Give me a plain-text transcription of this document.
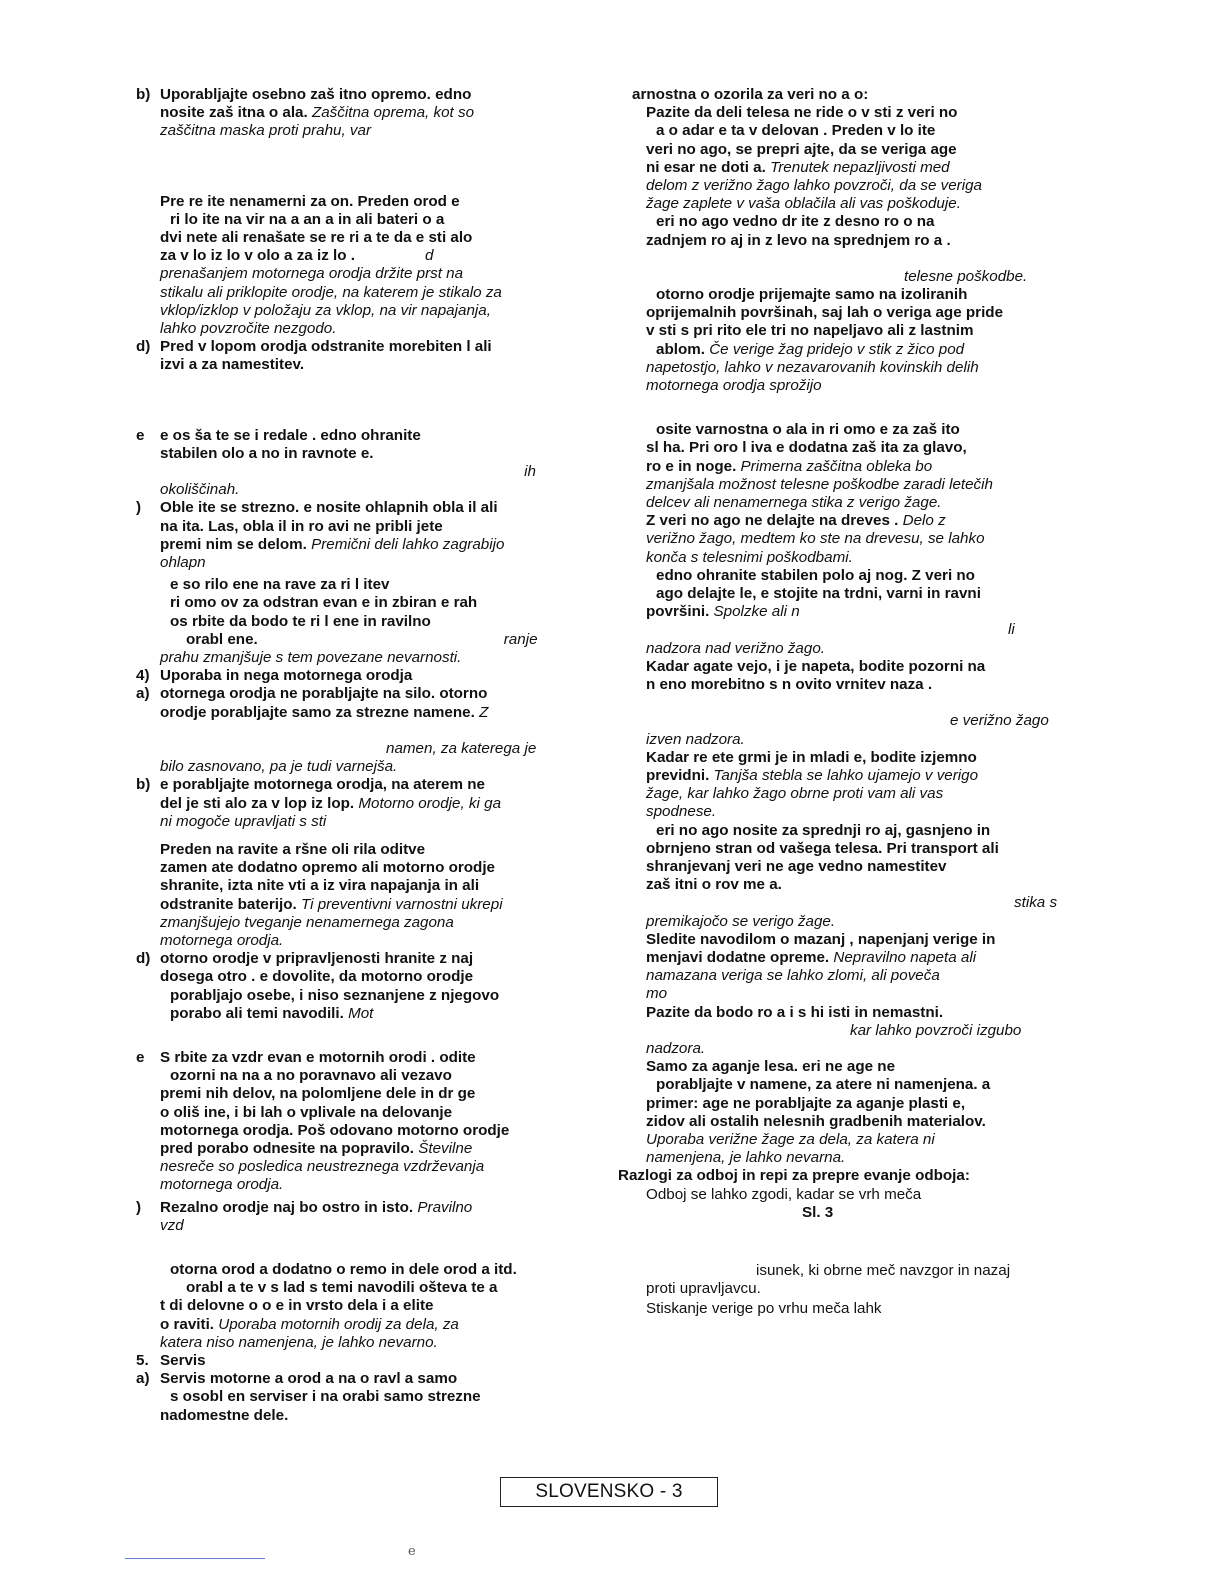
b) Uporabljajte osebno zaš itno opremo. edno
nosite zaš itna o ala. Zaščitna oprema, kot so
zaščitna maska proti prahu, var
Pre re ite nenamerni za on. Preden orod e
ri lo ite na vir na a an a in ali bateri o a
dvi nete ali renašate se re ri a te da e sti alo
za v lo iz lo v olo a za iz lo .	d
prenašanjem motornega orodja držite prst na
stikalu ali priklopite orodje, na katerem je stikalo za
vklop/izklop v položaju za vklop, na vir napajanja,
lahko povzročite nezgodo.
d) Pred v lopom orodja odstranite morebiten l ali
izvi a za namestitev.
e	e os ša te se i redale . edno ohranite
stabilen olo a no in ravnote e.
ih
okoliščinah.
)	Oble ite se strezno. e nosite ohlapnih obla il ali
na ita. Las, obla il in ro avi ne pribli jete
premi nim se delom. Premični deli lahko zagrabijo
ohlapn
e so rilo ene na rave za ri l itev
ri omo ov za odstran evan e in zbiran e rah
os rbite da bodo te ri l ene in ravilno
orabl ene.	ranje
prahu zmanjšuje s tem povezane nevarnosti.
4) Uporaba in nega motornega orodja
a) otornega orodja ne porabljajte na silo. otorno
orodje porabljajte samo za strezne namene. Z
namen, za katerega je
bilo zasnovano, pa je tudi varnejša.
b) e porabljajte motornega orodja, na aterem ne
del je sti alo za v lop iz lop. Motorno orodje, ki ga
ni mogoče upravljati s sti
Preden na ravite a ršne oli rila oditve
zamen ate dodatno opremo ali motorno orodje
shranite, izta nite vti a iz vira napajanja in ali
odstranite baterijo. Ti preventivni varnostni ukrepi
zmanjšujejo tveganje nenamernega zagona
motornega orodja.
d) otorno orodje v pripravljenosti hranite z naj
dosega otro . e dovolite, da motorno orodje
porabljajo osebe, i niso seznanjene z njegovo
porabo ali temi navodili. Mot
e	S rbite za vzdr evan e motornih orodi . odite
ozorni na na a no poravnavo ali vezavo
premi nih delov, na polomljene dele in dr ge
o oliš ine, i bi lah o vplivale na delovanje
motornega orodja. Poš odovano motorno orodje
pred porabo odnesite na popravilo. Številne
nesreče so posledica neustreznega vzdrževanja
motornega orodja.
)	Rezalno orodje naj bo ostro in isto. Pravilno
vzd
otorna orod a dodatno o remo in dele orod a itd.
orabl a te v s lad s temi navodili ošteva te a
t di delovne o o e in vrsto dela i a elite
o raviti. Uporaba motornih orodij za dela, za
katera niso namenjena, je lahko nevarno.
5. Servis
a) Servis motorne a orod a na o ravl a samo
s osobl en serviser i na orabi samo strezne
nadomestne dele.
arnostna o ozorila za veri no a o:
Pazite da deli telesa ne ride o v sti z veri no
a o adar e ta v delovan . Preden v lo ite
veri no ago, se prepri ajte, da se veriga age
ni esar ne doti a. Trenutek nepazljivosti med
delom z verižno žago lahko povzroči, da se veriga
žage zaplete v vaša oblačila ali vas poškoduje.
eri no ago vedno dr ite z desno ro o na
zadnjem ro aj in z levo na sprednjem ro a .
telesne poškodbe.
otorno orodje prijemajte samo na izoliranih
oprijemalnih površinah, saj lah o veriga age pride
v sti s pri rito ele tri no napeljavo ali z lastnim
ablom. Če verige žag pridejo v stik z žico pod
napetostjo, lahko v nezavarovanih kovinskih delih
motornega orodja sprožijo
osite varnostna o ala in ri omo e za zaš ito
sl ha. Pri oro l iva e dodatna zaš ita za glavo,
ro e in noge. Primerna zaščitna obleka bo
zmanjšala možnost telesne poškodbe zaradi letečih
delcev ali nenamernega stika z verigo žage.
Z veri no ago ne delajte na dreves . Delo z
verižno žago, medtem ko ste na drevesu, se lahko
konča s telesnimi poškodbami.
edno ohranite stabilen polo aj nog. Z veri no
ago delajte le, e stojite na trdni, varni in ravni
površini. Spolzke ali n
li
nadzora nad verižno žago.
Kadar agate vejo, i je napeta, bodite pozorni na
n eno morebitno s n ovito vrnitev naza .
e verižno žago
izven nadzora.
Kadar re ete grmi je in mladi e, bodite izjemno
previdni. Tanjša stebla se lahko ujamejo v verigo
žage, kar lahko žago obrne proti vam ali vas
spodnese.
eri no ago nosite za sprednji ro aj, gasnjeno in
obrnjeno stran od vašega telesa. Pri transport ali
shranjevanj veri ne age vedno namestitev
zaš itni o rov me a.
stika s
premikajočo se verigo žage.
Sledite navodilom o mazanj , napenjanj verige in
menjavi dodatne opreme. Nepravilno napeta ali
namazana veriga se lahko zlomi, ali poveča
mo
Pazite da bodo ro a i s hi isti in nemastni.
kar lahko povzroči izgubo
nadzora.
Samo za aganje lesa. eri ne age ne
porabljajte v namene, za atere ni namenjena. a
primer: age ne porabljajte za aganje plasti e,
zidov ali ostalih nelesnih gradbenih materialov.
Uporaba verižne žage za dela, za katera ni
namenjena, je lahko nevarna.
Razlogi za odboj in repi za prepre evanje odboja:
Odboj se lahko zgodi, kadar se vrh meča
Sl. 3
isunek, ki obrne meč navzgor in nazaj
proti upravljavcu.
Stiskanje verige po vrhu meča lahk
SLOVENSKO - 3
e
